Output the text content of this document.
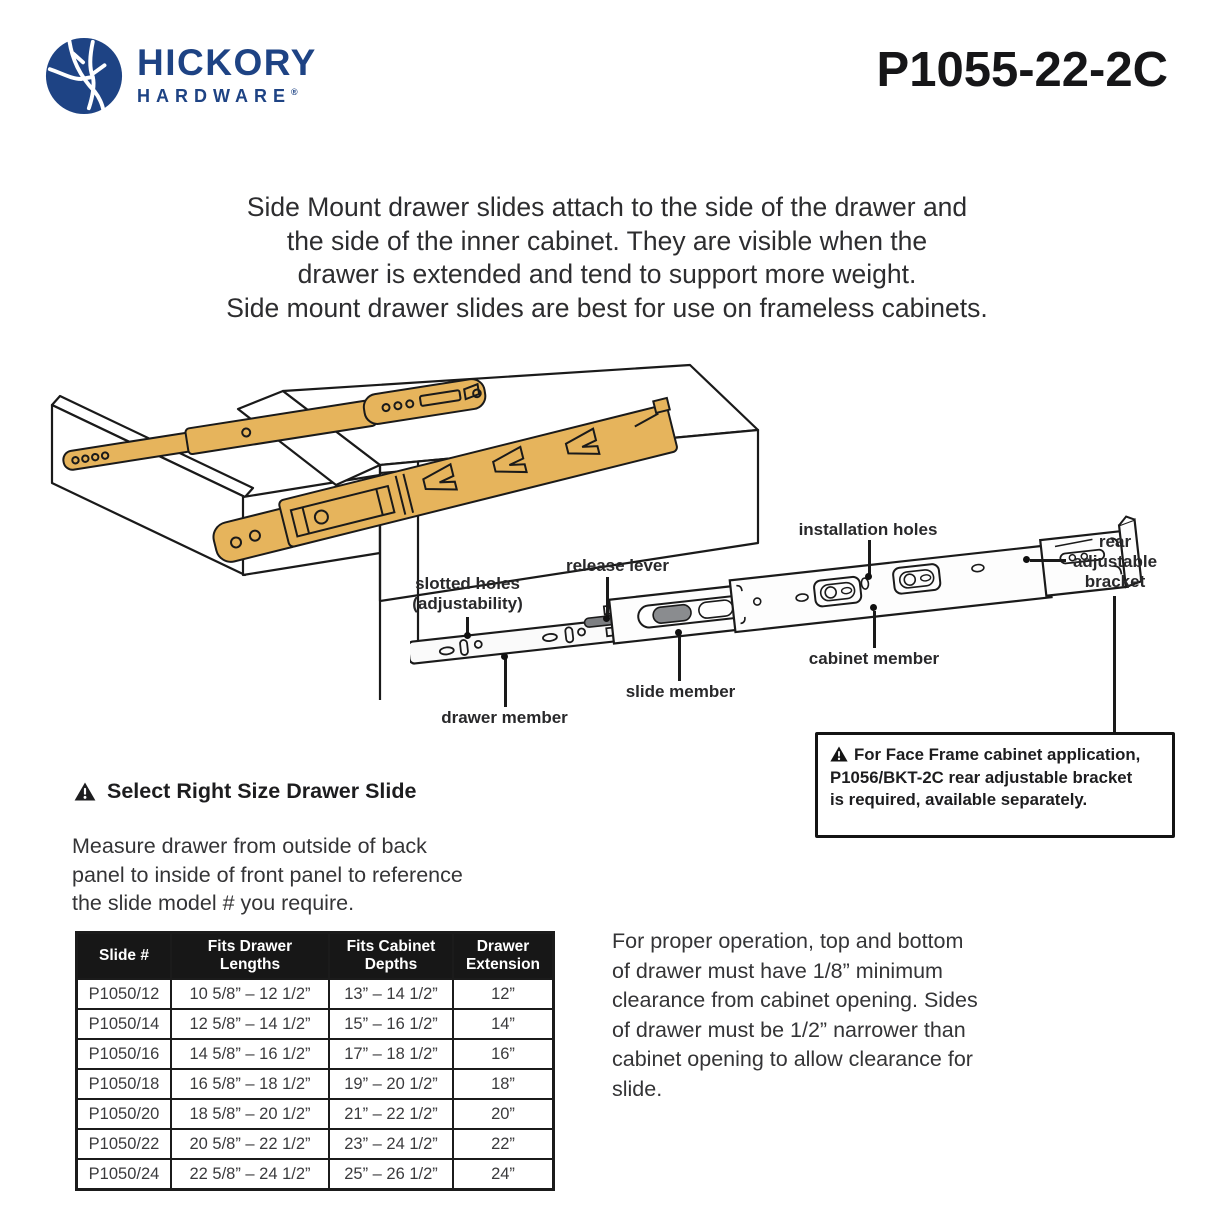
HICKORY
HARDWARE®	P1055-22-2C
Side Mount drawer slides attach to the side of the drawer and
the side of the inner cabinet. They are visible when the
drawer is extended and tend to support more weight.
Side mount drawer slides are best for use on frameless cabinets.
slotted holes
(adjustability)
release lever
installation holes
rear
adjustable
bracket
cabinet member
slide member
drawer member
For Face Frame cabinet application,
P1056/BKT-2C rear adjustable bracket
is required, available separately.
Select Right Size Drawer Slide
Measure drawer from outside of back
panel to inside of front panel to reference
the slide model # you require.
Slide #	Fits Drawer Lengths	Fits Cabinet Depths	Drawer Extension
P1050/12	10 5/8” – 12 1/2”	13” – 14 1/2”	12”
P1050/14	12 5/8” – 14 1/2”	15” – 16 1/2”	14”
P1050/16	14 5/8” – 16 1/2”	17” – 18 1/2”	16”
P1050/18	16 5/8” – 18 1/2”	19” – 20 1/2”	18”
P1050/20	18 5/8” – 20 1/2”	21” – 22 1/2”	20”
P1050/22	20 5/8” – 22 1/2”	23” – 24 1/2”	22”
P1050/24	22 5/8” – 24 1/2”	25” – 26 1/2”	24”
For proper operation, top and bottom
of drawer must have 1/8” minimum
clearance from cabinet opening. Sides
of drawer must be 1/2” narrower than
cabinet opening to allow clearance for
slide.
